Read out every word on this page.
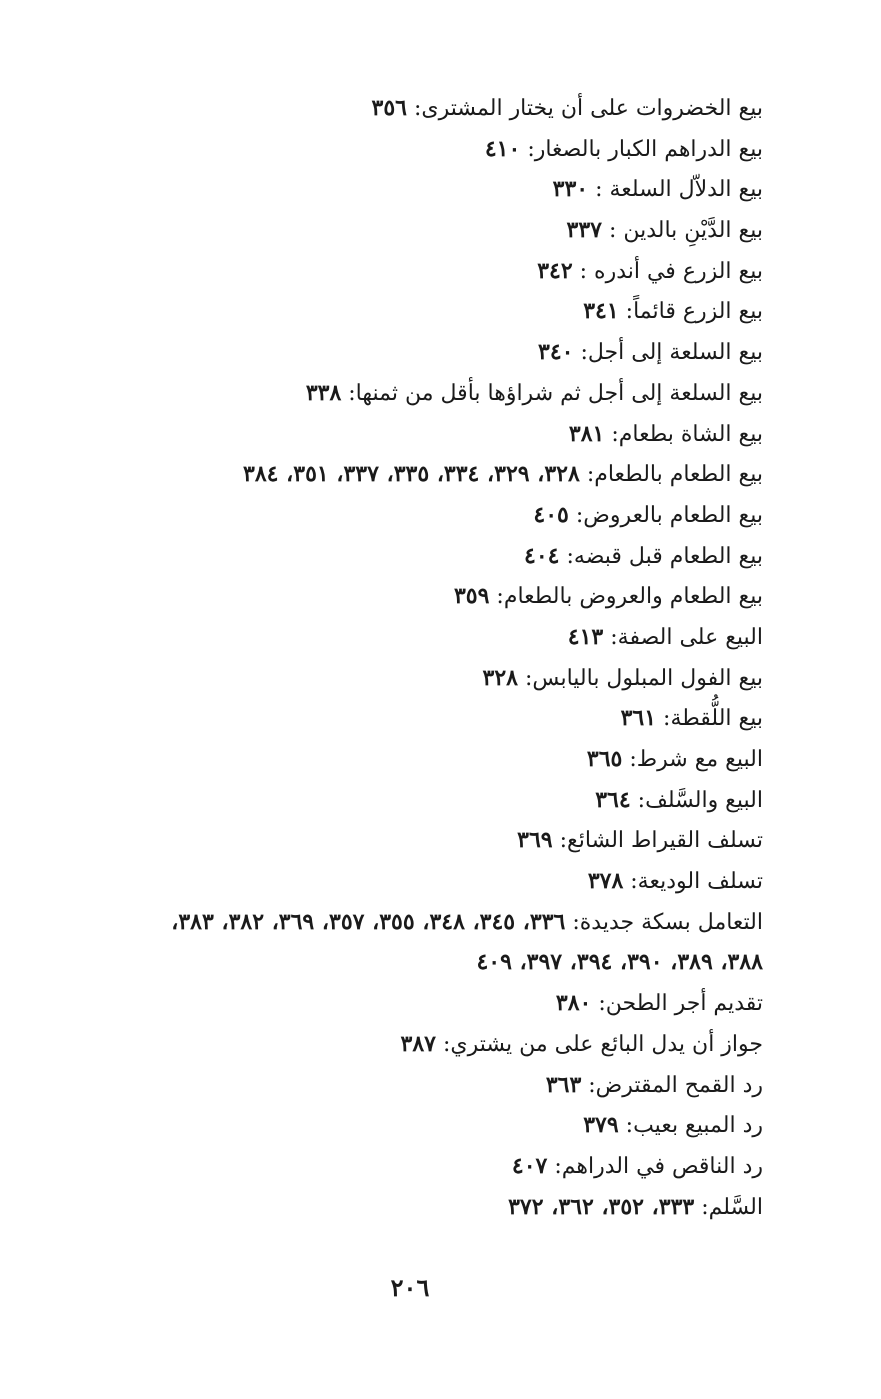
بيع الخضروات على أن يختار المشترى: ٣٥٦
بيع الدراهم الكبار بالصغار: ٤١٠
بيع الدلاّل السلعة : ٣٣٠
بيع الدَّيْنِ بالدين : ٣٣٧
بيع الزرع في أندره : ٣٤٢
بيع الزرع قائماً: ٣٤١
بيع السلعة إلى أجل: ٣٤٠
بيع السلعة إلى أجل ثم شراؤها بأقل من ثمنها: ٣٣٨
بيع الشاة بطعام: ٣٨١
بيع الطعام بالطعام: ٣٢٨، ٣٢٩، ٣٣٤، ٣٣٥، ٣٣٧، ٣٥١، ٣٨٤
بيع الطعام بالعروض: ٤٠٥
بيع الطعام قبل قبضه: ٤٠٤
بيع الطعام والعروض بالطعام: ٣٥٩
البيع على الصفة: ٤١٣
بيع الفول المبلول باليابس: ٣٢٨
بيع اللُّقطة: ٣٦١
البيع مع شرط: ٣٦٥
البيع والسَّلف: ٣٦٤
تسلف القيراط الشائع: ٣٦٩
تسلف الوديعة: ٣٧٨
التعامل بسكة جديدة: ٣٣٦، ٣٤٥، ٣٤٨، ٣٥٥، ٣٥٧، ٣٦٩، ٣٨٢، ٣٨٣،
٣٨٨، ٣٨٩، ٣٩٠، ٣٩٤، ٣٩٧، ٤٠٩
تقديم أجر الطحن: ٣٨٠
جواز أن يدل البائع على من يشتري: ٣٨٧
رد القمح المقترض: ٣٦٣
رد المبيع بعيب: ٣٧٩
رد الناقص في الدراهم: ٤٠٧
السَّلم: ٣٣٣، ٣٥٢، ٣٦٢، ٣٧٢
٢٠٦
